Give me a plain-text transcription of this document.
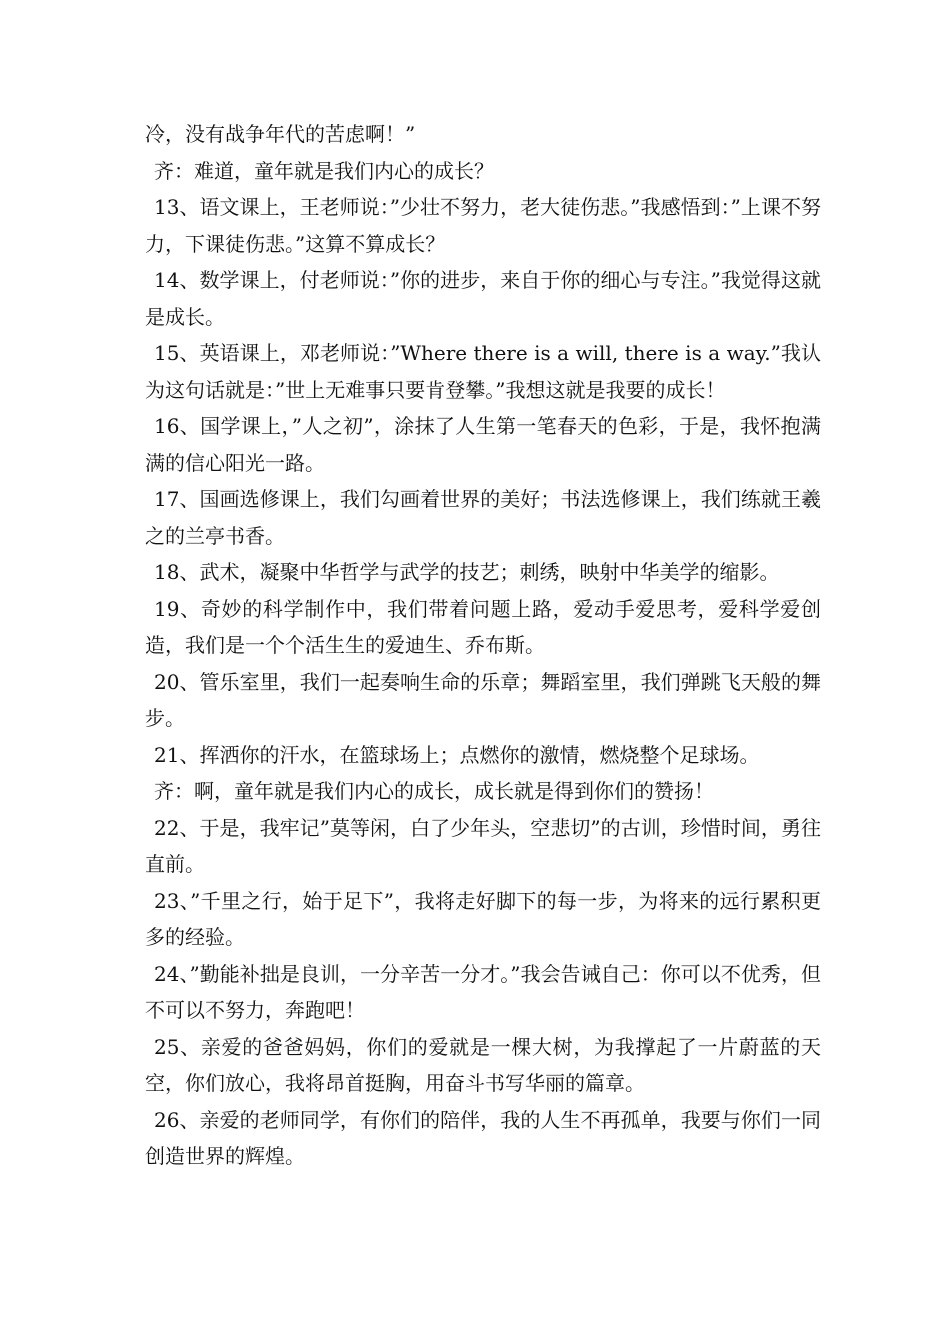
冷，没有战争年代的苦虑啊！”

齐：难道，童年就是我们内心的成长？

13、语文课上，王老师说：”少壮不努力，老大徒伤悲。”我感悟到：”上课不努力，下课徒伤悲。”这算不算成长？

14、数学课上，付老师说：”你的进步，来自于你的细心与专注。”我觉得这就是成长。

15、英语课上，邓老师说：”Where there is a will, there is a way.”我认为这句话就是：”世上无难事只要肯登攀。”我想这就是我要的成长！

16、国学课上，”人之初”，涂抹了人生第一笔春天的色彩，于是，我怀抱满满的信心阳光一路。

17、国画选修课上，我们勾画着世界的美好；书法选修课上，我们练就王羲之的兰亭书香。

18、武术，凝聚中华哲学与武学的技艺；刺绣，映射中华美学的缩影。

19、奇妙的科学制作中，我们带着问题上路，爱动手爱思考，爱科学爱创造，我们是一个个活生生的爱迪生、乔布斯。

20、管乐室里，我们一起奏响生命的乐章；舞蹈室里，我们弹跳飞天般的舞步。

21、挥洒你的汗水，在篮球场上；点燃你的激情，燃烧整个足球场。

齐：啊，童年就是我们内心的成长，成长就是得到你们的赞扬！

22、于是，我牢记”莫等闲，白了少年头，空悲切”的古训，珍惜时间，勇往直前。

23、”千里之行，始于足下”，我将走好脚下的每一步，为将来的远行累积更多的经验。

24、”勤能补拙是良训，一分辛苦一分才。”我会告诫自己：你可以不优秀，但不可以不努力，奔跑吧！

25、亲爱的爸爸妈妈，你们的爱就是一棵大树，为我撑起了一片蔚蓝的天空，你们放心，我将昂首挺胸，用奋斗书写华丽的篇章。

26、亲爱的老师同学，有你们的陪伴，我的人生不再孤单，我要与你们一同创造世界的辉煌。
